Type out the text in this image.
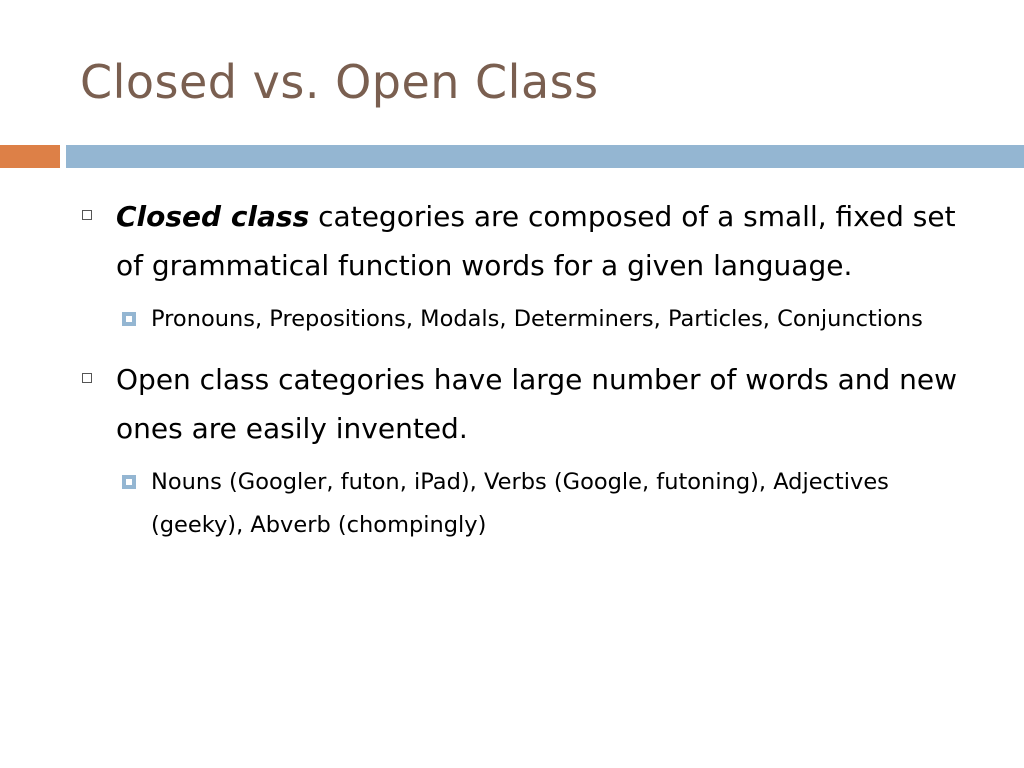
Closed vs. Open Class
Closed class categories are composed of a small, fixed set of grammatical function words for a given language.
Pronouns, Prepositions, Modals, Determiners, Particles, Conjunctions
Open class categories have large number of words and new ones are easily invented.
Nouns (Googler, futon, iPad), Verbs (Google, futoning), Adjectives (geeky), Abverb (chompingly)
